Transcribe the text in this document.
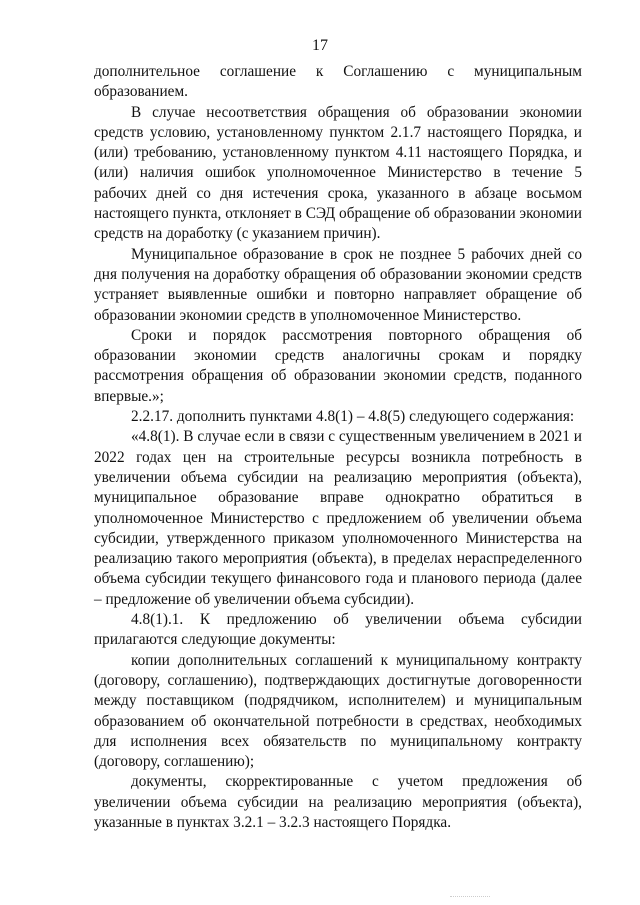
17

дополнительное соглашение к Соглашению с муниципальным образованием.

В случае несоответствия обращения об образовании экономии средств условию, установленному пунктом 2.1.7 настоящего Порядка, и (или) требованию, установленному пунктом 4.11 настоящего Порядка, и (или) наличия ошибок уполномоченное Министерство в течение 5 рабочих дней со дня истечения срока, указанного в абзаце восьмом настоящего пункта, отклоняет в СЭД обращение об образовании экономии средств на доработку (с указанием причин).

Муниципальное образование в срок не позднее 5 рабочих дней со дня получения на доработку обращения об образовании экономии средств устраняет выявленные ошибки и повторно направляет обращение об образовании экономии средств в уполномоченное Министерство.

Сроки и порядок рассмотрения повторного обращения об образовании экономии средств аналогичны срокам и порядку рассмотрения обращения об образовании экономии средств, поданного впервые.»;

2.2.17. дополнить пунктами 4.8(1) – 4.8(5) следующего содержания:

«4.8(1). В случае если в связи с существенным увеличением в 2021 и 2022 годах цен на строительные ресурсы возникла потребность в увеличении объема субсидии на реализацию мероприятия (объекта), муниципальное образование вправе однократно обратиться в уполномоченное Министерство с предложением об увеличении объема субсидии, утвержденного приказом уполномоченного Министерства на реализацию такого мероприятия (объекта), в пределах нераспределенного объема субсидии текущего финансового года и планового периода (далее – предложение об увеличении объема субсидии).

4.8(1).1. К предложению об увеличении объема субсидии прилагаются следующие документы:

копии дополнительных соглашений к муниципальному контракту (договору, соглашению), подтверждающих достигнутые договоренности между поставщиком (подрядчиком, исполнителем) и муниципальным образованием об окончательной потребности в средствах, необходимых для исполнения всех обязательств по муниципальному контракту (договору, соглашению);

документы, скорректированные с учетом предложения об увеличении объема субсидии на реализацию мероприятия (объекта), указанные в пунктах 3.2.1 – 3.2.3 настоящего Порядка.
